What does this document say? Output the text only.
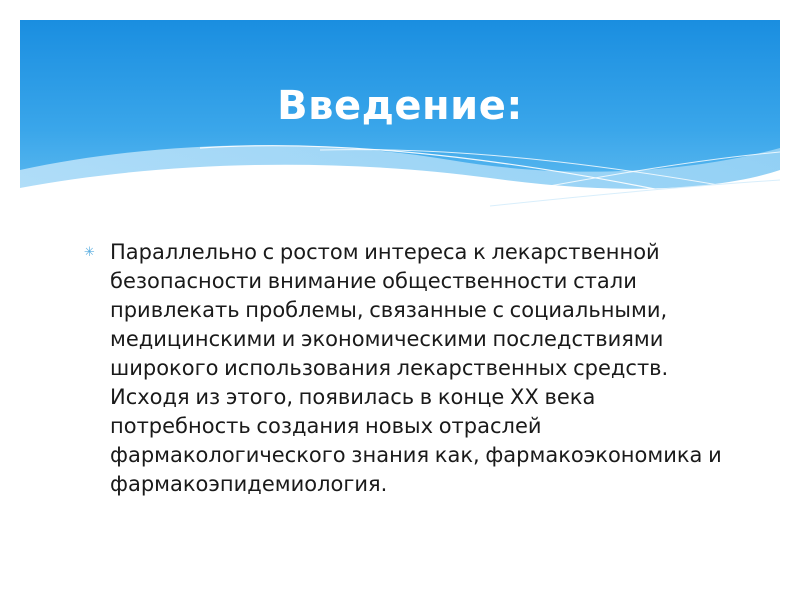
Введение:
✳ Параллельно с ростом интереса к лекарственной безопасности внимание общественности стали привлекать проблемы, связанные с социальными, медицинскими и экономическими последствиями широкого использования лекарственных средств. Исходя из этого, появилась в конце XX века потребность создания новых отраслей фармакологического знания как, фармакоэкономика и фармакоэпидемиология.
